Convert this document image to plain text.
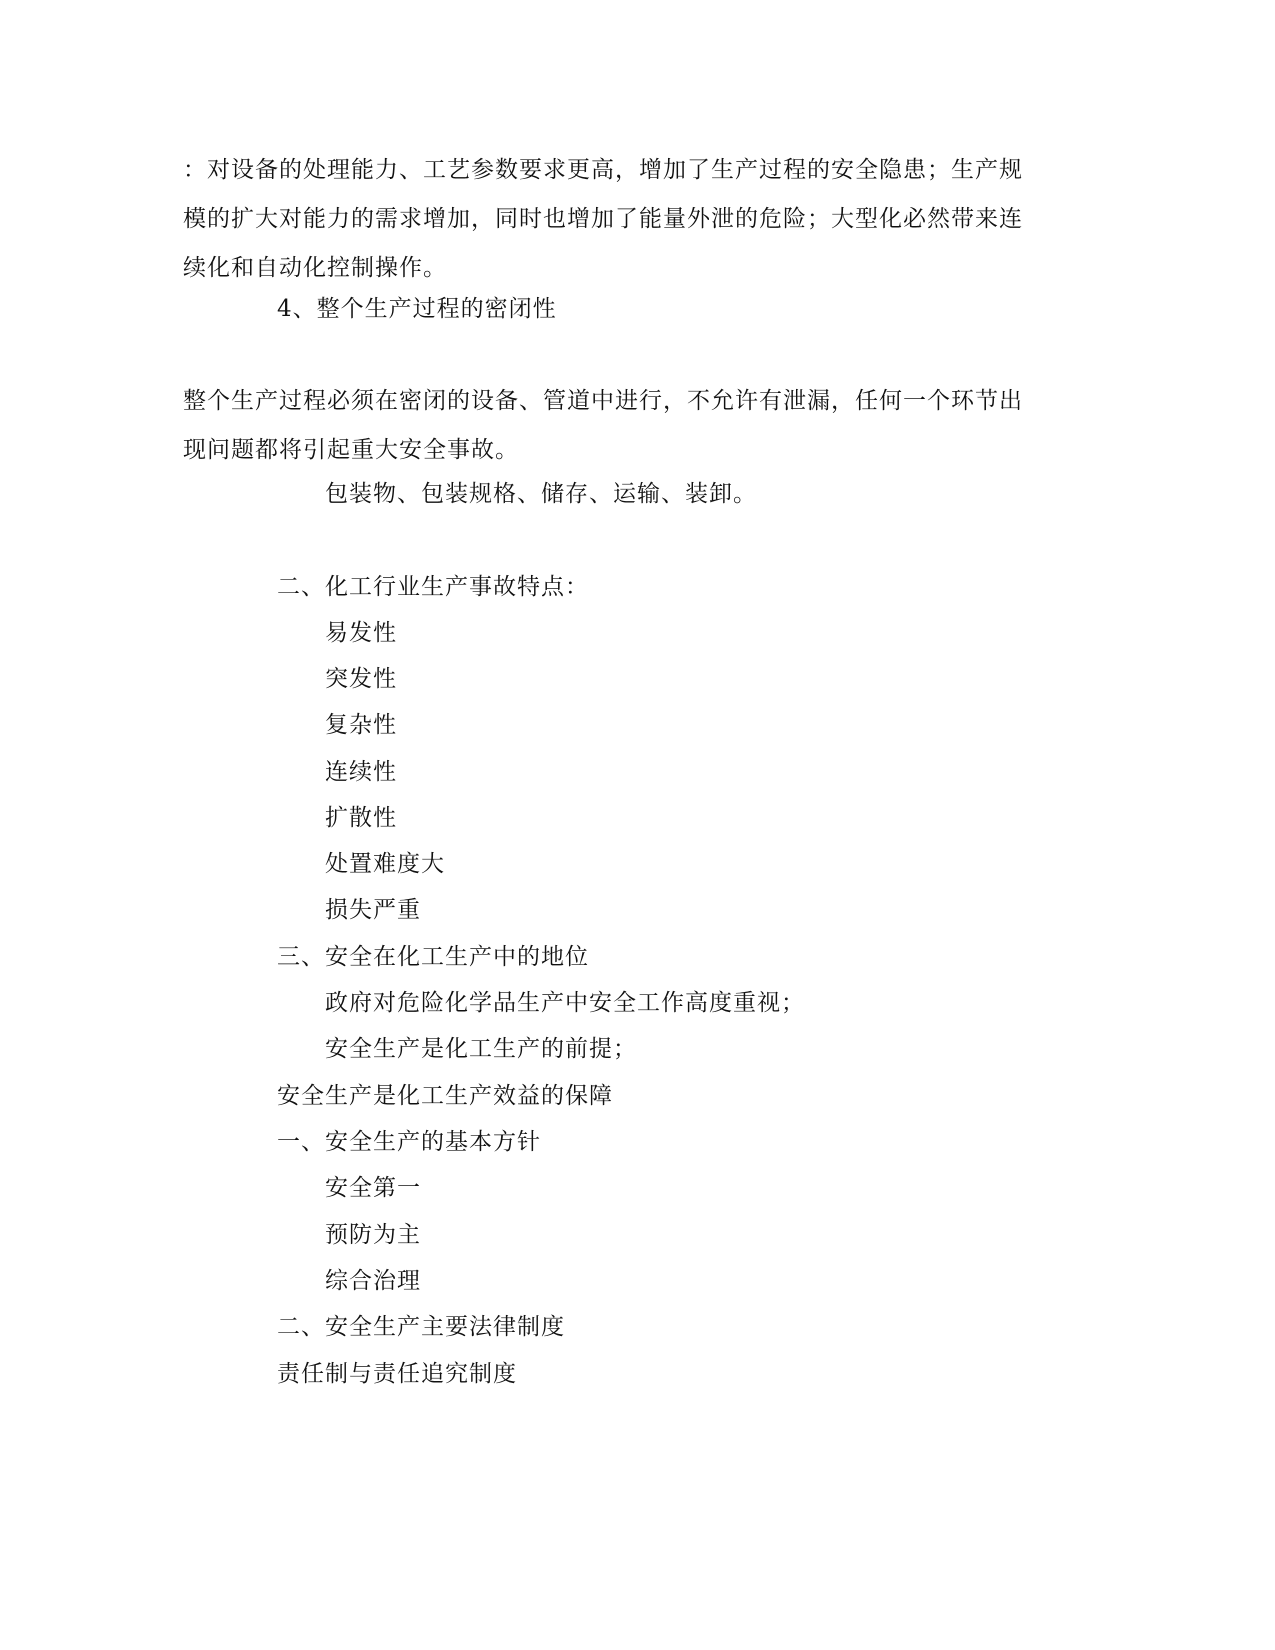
：对设备的处理能力、工艺参数要求更高，增加了生产过程的安全隐患；生产规模的扩大对能力的需求增加，同时也增加了能量外泄的危险；大型化必然带来连续化和自动化控制操作。
4、整个生产过程的密闭性
整个生产过程必须在密闭的设备、管道中进行，不允许有泄漏，任何一个环节出现问题都将引起重大安全事故。
包装物、包装规格、储存、运输、装卸。
二、化工行业生产事故特点：
易发性
突发性
复杂性
连续性
扩散性
处置难度大
损失严重
三、安全在化工生产中的地位
政府对危险化学品生产中安全工作高度重视；
安全生产是化工生产的前提；
安全生产是化工生产效益的保障
一、安全生产的基本方针
安全第一
预防为主
综合治理
二、安全生产主要法律制度
责任制与责任追究制度
